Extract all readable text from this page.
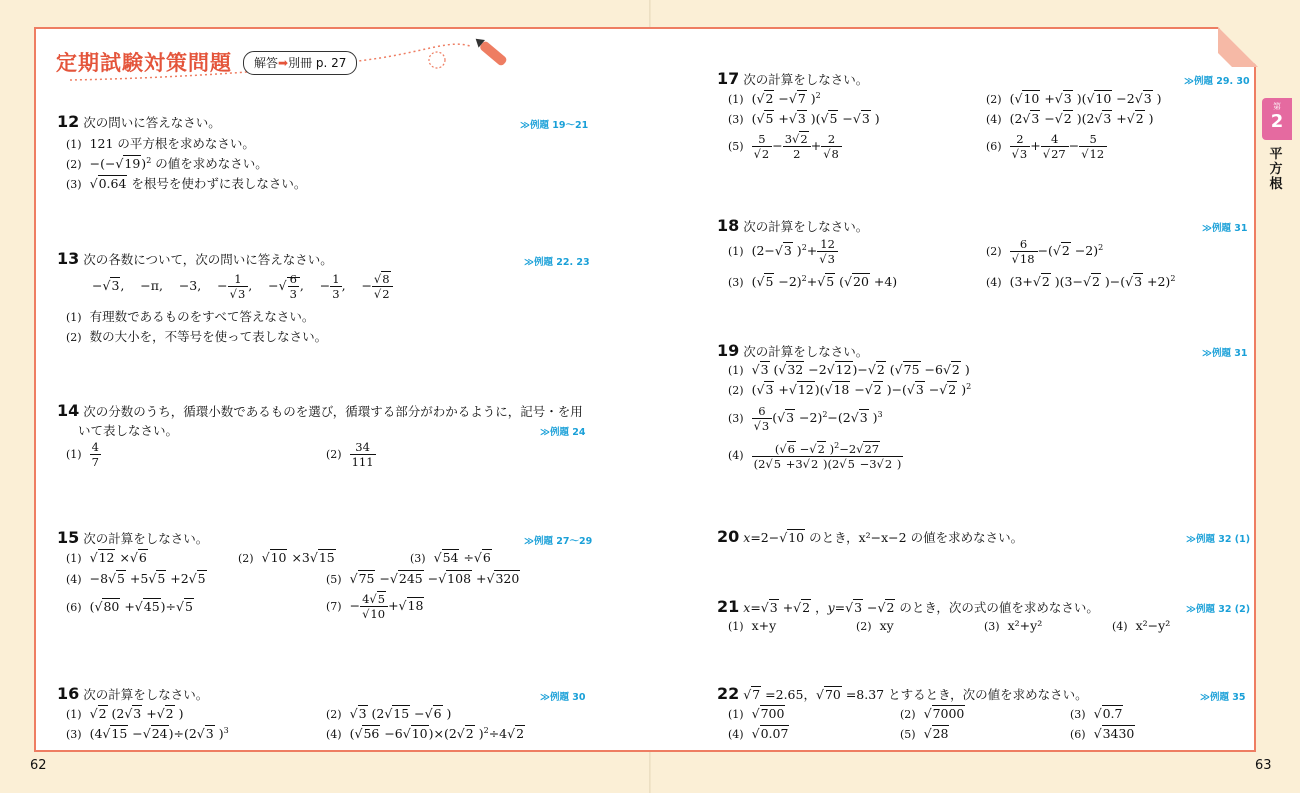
定期試験対策問題	解答➡別冊 p. 27
第
2
平方根
62	63
12 次の問いに答えなさい。	≫例題 19〜21
(1) 121 の平方根を求めなさい。
$(2) -(-√19)^2$ の値を求めなさい。
(3) √0.64 を根号を使わずに表しなさい。
13 次の各数について，次の問いに答えなさい。	≫例題 22. 23
−√3,    −π,    −3,    − $\frac{1}{√3}$ ,    −√ $\frac{6}{3}$ ,    − $\frac{1}{3}$ ,    − $\frac{√8}{√2}$
(1) 有理数であるものをすべて答えなさい。
(2) 数の大小を，不等号を使って表しなさい。
14 次の分数のうち，循環小数であるものを選び，循環する部分がわかるように，記号・を用
いて表しなさい。	≫例題 24
$(1) \frac{4}{7}$	$(2) \frac{34}{111}$
15 次の計算をしなさい。	≫例題 27〜29
(1) √12 ×√6	(2) √10 ×3√15	(3) √54 ÷√6
(4) −8√5 +5√5 +2√5	(5) √75 −√245 −√108 +√320
(6) (√80 +√45)÷√5	$(7) - \frac{4√5}{√10} +√18$
16 次の計算をしなさい。	≫例題 30
(1) √2 (2√3 +√2 )	(2) √3 (2√15 −√6 )
(3) (4√15 −√24)÷(2√3 )$^3$	(4) (√56 −6√10)×(2√2 )$^2$÷4√2
17 次の計算をしなさい。	≫例題 29. 30
(1) (√2 −√7 )$^2$	(2) (√10 +√3 )(√10 −2√3 )
(3) (√5 +√3 )(√5 −√3 )	(4) (2√3 −√2 )(2√3 +√2 )
$(5) \frac{5}{√2} - \frac{3√2}{2} + \frac{2}{√8}$	$(6) \frac{2}{√3} + \frac{4}{√27} - \frac{5}{√12}$
18 次の計算をしなさい。	≫例題 31
(1) (2−√3 )$^2+ \frac{12}{√3}$	$(2) \frac{6}{√18} -(√2 -2)^2$
(3) $(√5 -2)^2+√5$ (√20 +4)	(4) (3+√2 )(3−√2 )$-(√3 +2)^2$
19 次の計算をしなさい。	≫例題 31
(1) √3 (√32 −2√12)−√2 (√75 −6√2 )
(2) (√3 +√12)(√18 −√2 )−(√3 −√2 )$^2$
$(3) \frac{6}{√3} (√3 -2)^2-(2√3$ )$^3$
$(4) \frac{(√6 -√2 )^2-2√27}{(2√5 +3√2 )(2√5 -3√2 )}$
20 x=2−√10 のとき，x²−x−2 の値を求めなさい。	≫例題 32 (1)
21 x=√3 +√2 ，y=√3 −√2 のとき，次の式の値を求めなさい。	≫例題 32 (2)
(1) x+y	(2) xy	(3) x²+y²	(4) x²−y²
22 √7 =2.65，√70 =8.37 とするとき，次の値を求めなさい。	≫例題 35
(1) √700	(2) √7000	(3) √0.7
(4) √0.07	(5) √28	(6) √3430
